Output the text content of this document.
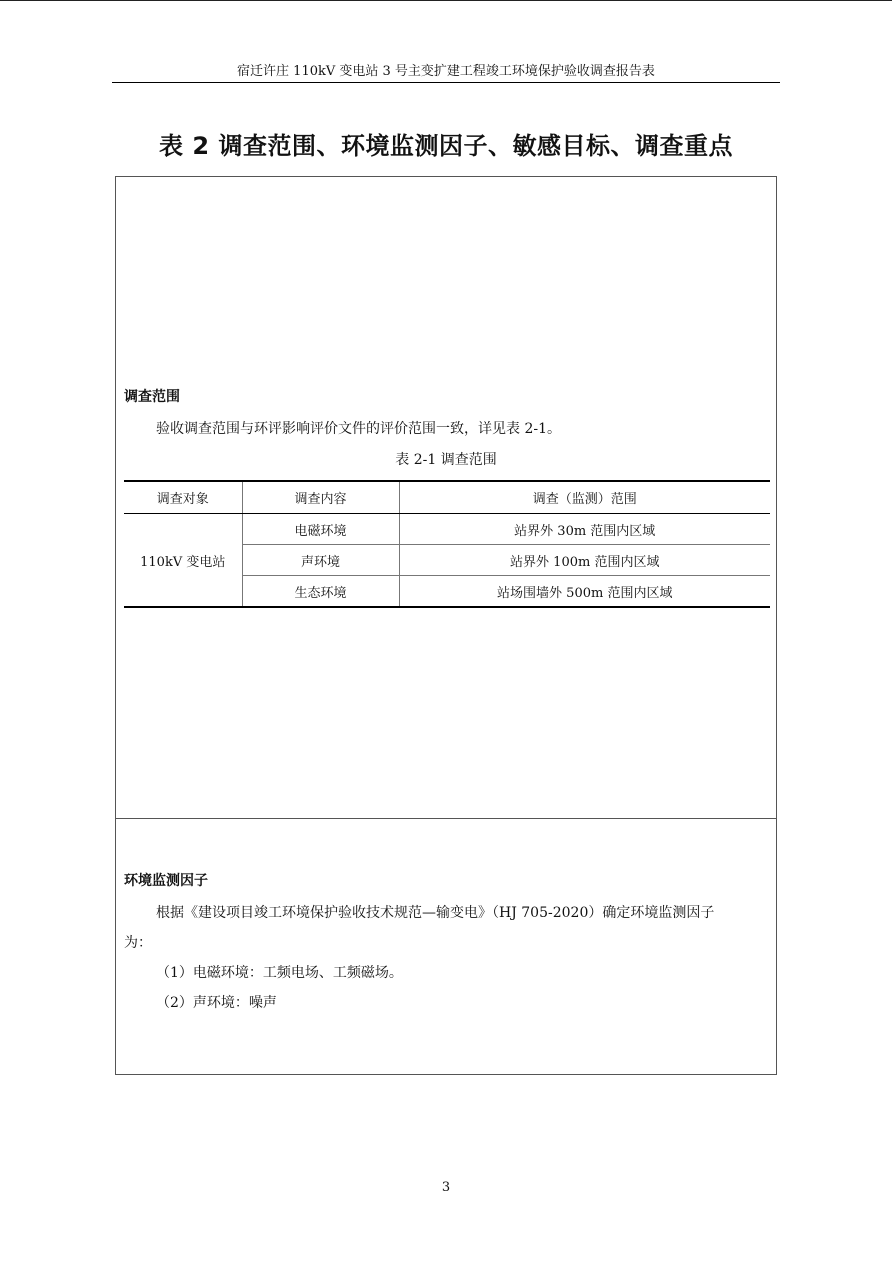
宿迁许庄 110kV 变电站 3 号主变扩建工程竣工环境保护验收调查报告表
表 2 调查范围、环境监测因子、敏感目标、调查重点
调查范围
验收调查范围与环评影响评价文件的评价范围一致，详见表 2-1。
表 2-1 调查范围
调查对象	调查内容	调查（监测）范围
110kV 变电站	电磁环境	站界外 30m 范围内区域
	声环境	站界外 100m 范围内区域
	生态环境	站场围墙外 500m 范围内区域
环境监测因子
根据《建设项目竣工环境保护验收技术规范—输变电》（HJ 705-2020）确定环境监测因子
为：
（1）电磁环境：工频电场、工频磁场。
（2）声环境：噪声
3
